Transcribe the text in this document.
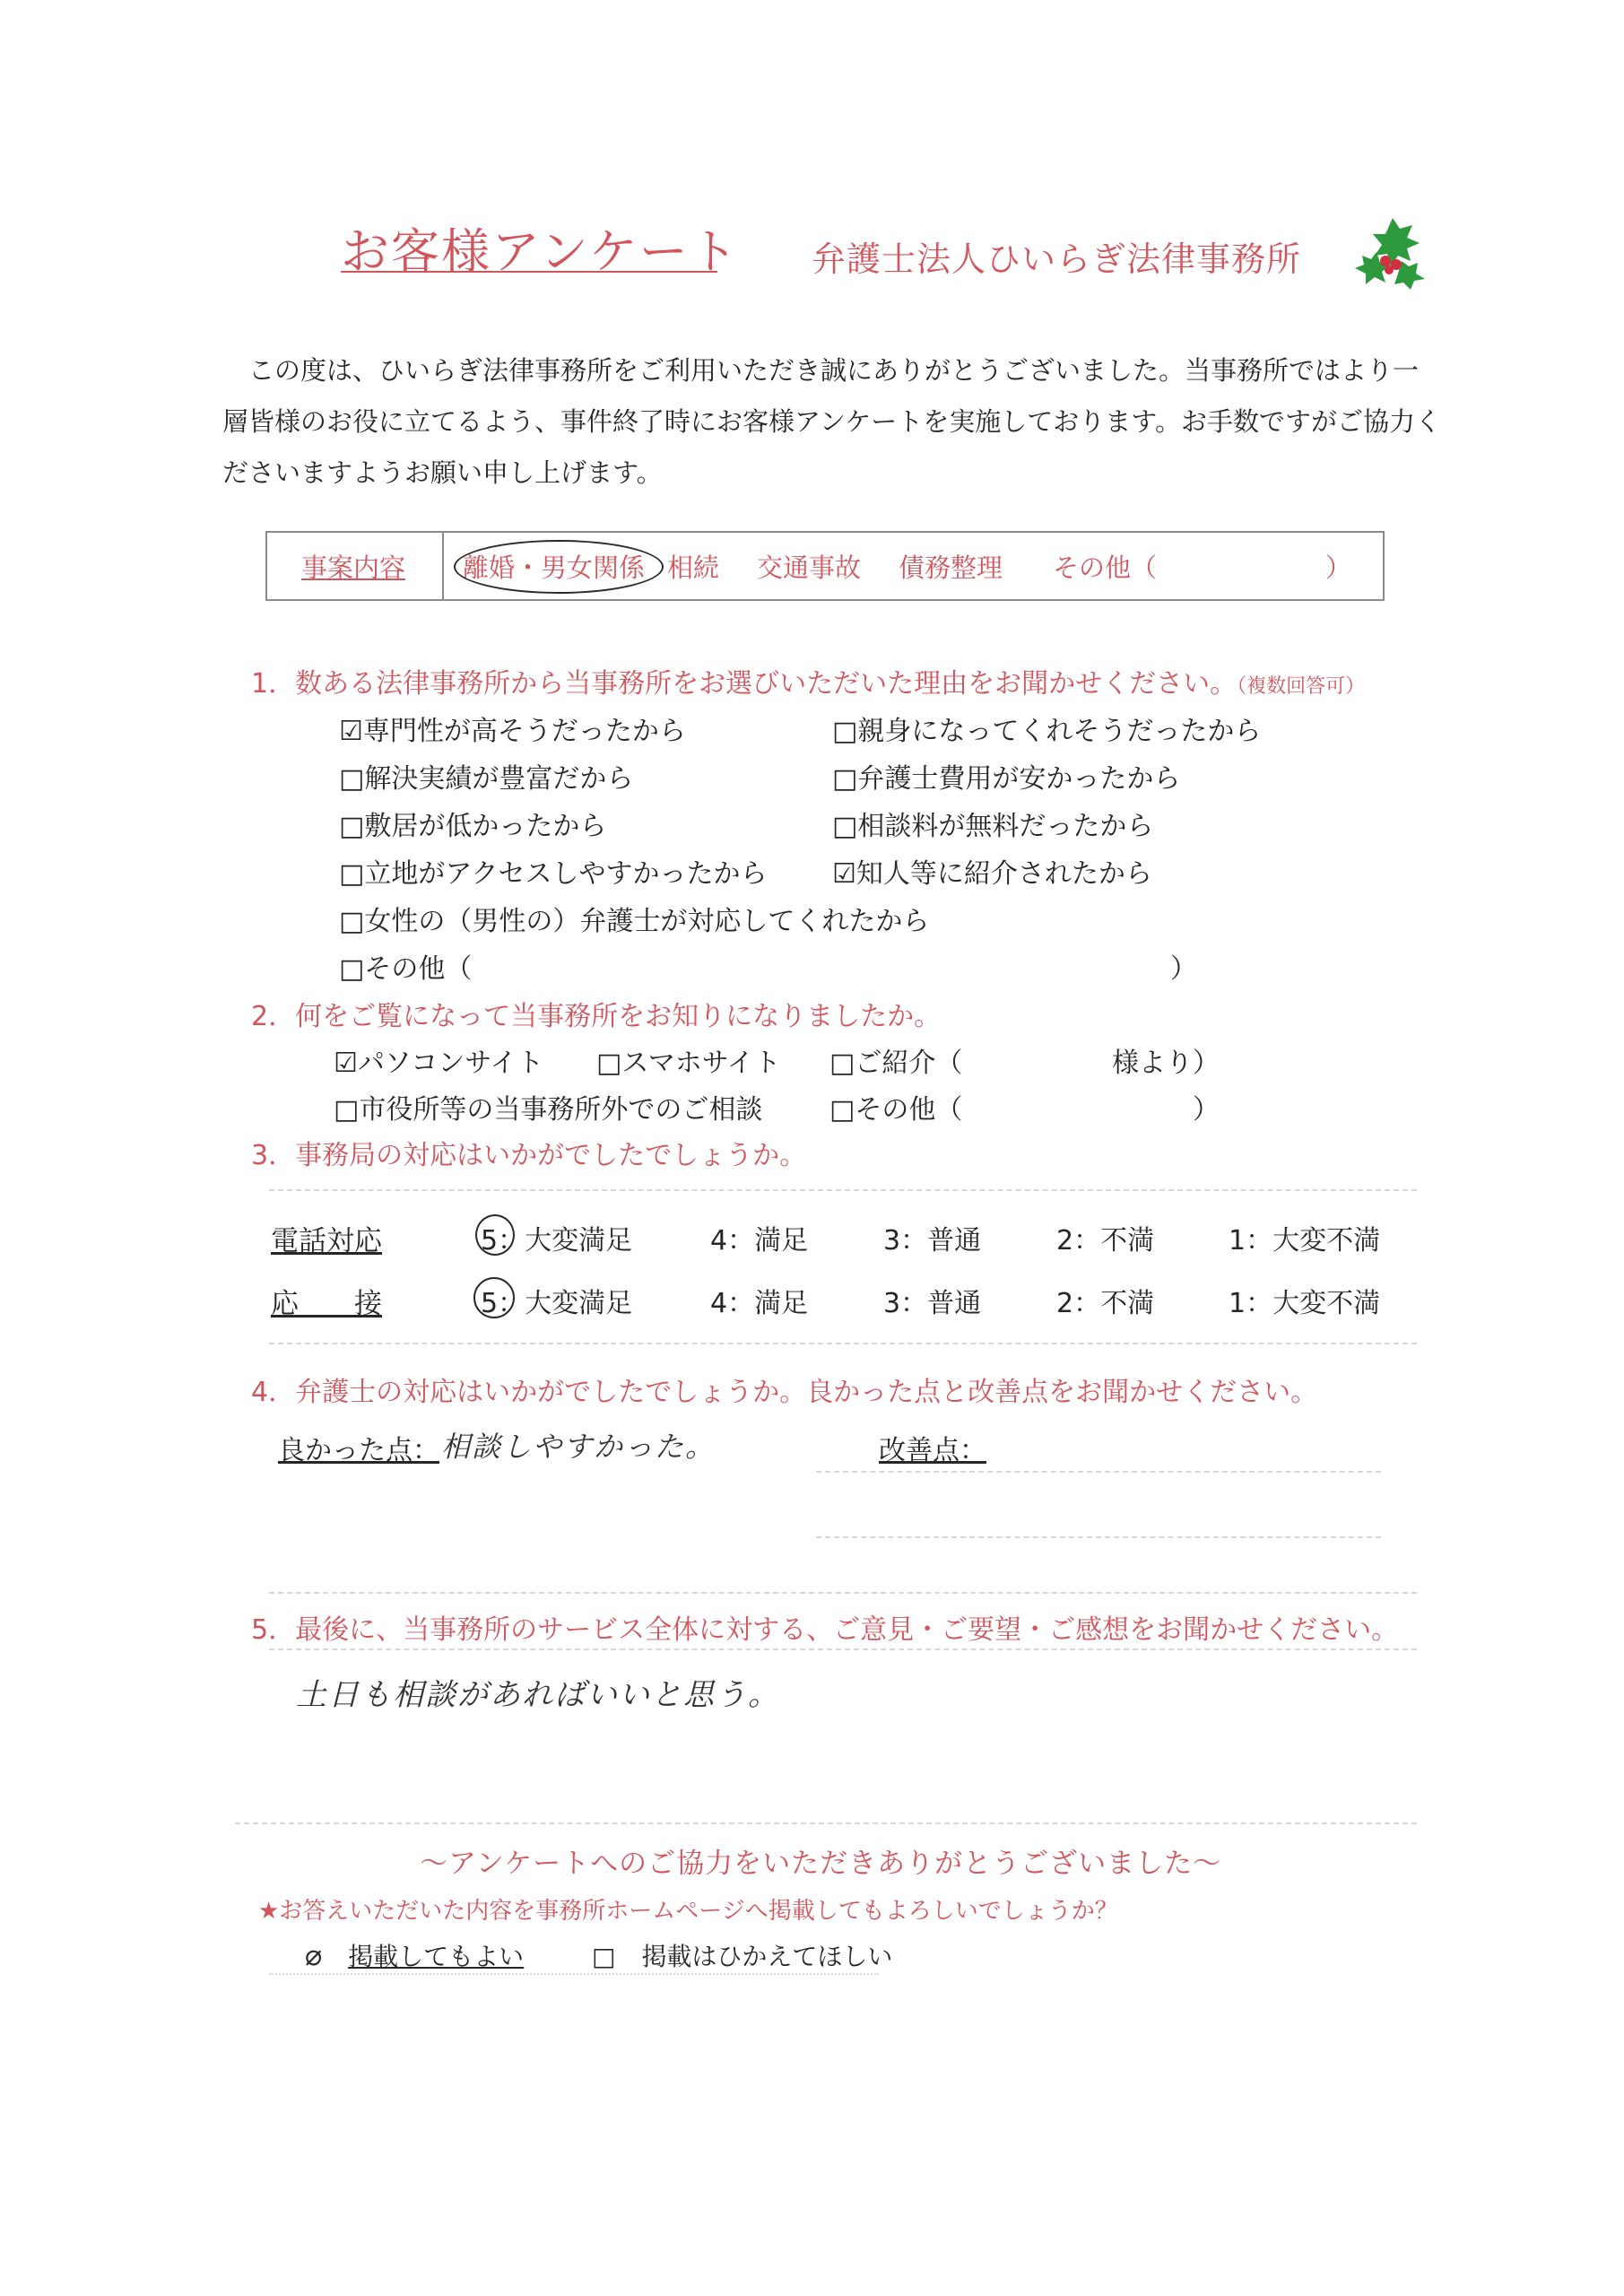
お客様アンケート 弁護士法人ひいらぎ法律事務所
この度は、ひいらぎ法律事務所をご利用いただき誠にありがとうございました。当事務所ではより一層皆様のお役に立てるよう、事件終了時にお客様アンケートを実施しております。お手数ですがご協力くださいますようお願い申し上げます。
事案内容 離婚・男女関係 相続 交通事故 債務整理 その他（	）
1．数ある法律事務所から当事務所をお選びいただいた理由をお聞かせください。（複数回答可）
☑専門性が高そうだったから	□親身になってくれそうだったから
□解決実績が豊富だから	□弁護士費用が安かったから
□敷居が低かったから	□相談料が無料だったから
□立地がアクセスしやすかったから ☑知人等に紹介されたから
□女性の（男性の）弁護士が対応してくれたから
□その他（	）
2．何をご覧になって当事務所をお知りになりましたか。
☑パソコンサイト □スマホサイト □ご紹介（	様より）
□市役所等の当事務所外でのご相談 □その他（	）
3．事務局の対応はいかがでしたでしょうか。
電話対応	5：大変満足	4：満足	3：普通	2：不満	1：大変不満
応　　接	5：大変満足	4：満足	3：普通	2：不満	1：大変不満
4．弁護士の対応はいかがでしたでしょうか。良かった点と改善点をお聞かせください。
良かった点： 相談しやすかった。	改善点：
5．最後に、当事務所のサービス全体に対する、ご意見・ご要望・ご感想をお聞かせください。
土日も相談があればいいと思う。
～アンケートへのご協力をいただきありがとうございました～
★お答えいただいた内容を事務所ホームページへ掲載してもよろしいでしょうか？
⌀ 掲載してもよい	□ 掲載はひかえてほしい
